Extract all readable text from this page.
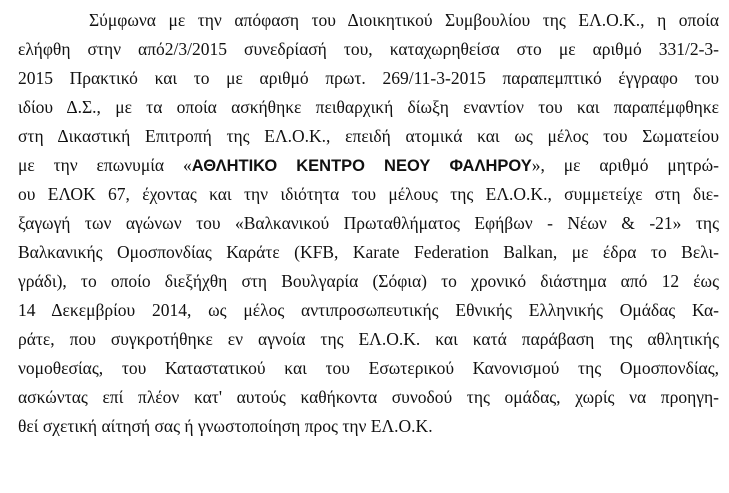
Σύμφωνα με την απόφαση του Διοικητικού Συμβουλίου της ΕΛ.Ο.Κ., η οποία
ελήφθη στην από2/3/2015 συνεδρίασή του, καταχωρηθείσα στο με αριθμό 331/2-3-
2015 Πρακτικό και το με αριθμό πρωτ. 269/11-3-2015 παραπεμπτικό έγγραφο του
ιδίου Δ.Σ., με τα οποία ασκήθηκε πειθαρχική δίωξη εναντίον του και παραπέμφθηκε
στη Δικαστική Επιτροπή της ΕΛ.Ο.Κ., επειδή ατομικά και ως μέλος του Σωματείου
με την επωνυμία «ΑΘΛΗΤΙΚΟ ΚΕΝΤΡΟ ΝΕΟΥ ΦΑΛΗΡΟΥ», με αριθμό μητρώ-
ου ΕΛΟΚ 67, έχοντας και την ιδιότητα του μέλους της ΕΛ.Ο.Κ., συμμετείχε στη διε-
ξαγωγή των αγώνων του «Βαλκανικού Πρωταθλήματος Εφήβων - Νέων & -21» της
Βαλκανικής Ομοσπονδίας Καράτε (KFB, Karate Federation Balkan, με έδρα το Βελι-
γράδι), το οποίο διεξήχθη στη Βουλγαρία (Σόφια) το χρονικό διάστημα από 12 έως
14 Δεκεμβρίου 2014, ως μέλος αντιπροσωπευτικής Εθνικής Ελληνικής Ομάδας Κα-
ράτε, που συγκροτήθηκε εν αγνοία της ΕΛ.Ο.Κ. και κατά παράβαση της αθλητικής
νομοθεσίας, του Καταστατικού και του Εσωτερικού Κανονισμού της Ομοσπονδίας,
ασκώντας επί πλέον κατ' αυτούς καθήκοντα συνοδού της ομάδας, χωρίς να προηγη-
θεί σχετική αίτησή σας ή γνωστοποίηση προς την ΕΛ.Ο.Κ.
